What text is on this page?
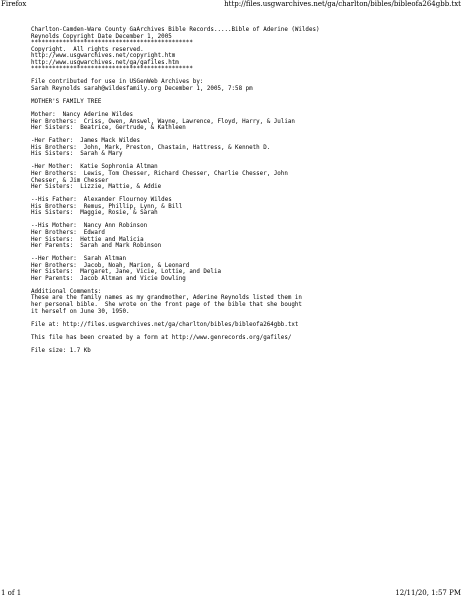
Firefox	http://files.usgwarchives.net/ga/charlton/bibles/bibleofa264gbb.txt
Charlton-Camden-Ware County GaArchives Bible Records.....Bible of Aderine (Wildes)
Reynolds Copyright Date December 1, 2005
**********************************************
Copyright.  All rights reserved.
http://www.usgwarchives.net/copyright.htm
http://www.usgwarchives.net/ga/gafiles.htm
**********************************************
File contributed for use in USGenWeb Archives by:
Sarah Reynolds sarah@wildesfamily.org December 1, 2005, 7:58 pm
MOTHER'S FAMILY TREE
Mother:  Nancy Aderine Wildes
Her Brothers:  Criss, Owen, Answel, Wayne, Lawrence, Floyd, Harry, & Julian
Her Sisters:  Beatrice, Gertrude, & Kathleen
-Her Father:  James Mack Wildes
His Brothers:  John, Mark, Preston, Chastain, Hattress, & Kenneth D.
His Sisters:  Sarah & Mary
-Her Mother:  Katie Sophronia Altman
Her Brothers:  Lewis, Tom Chesser, Richard Chesser, Charlie Chesser, John
Chesser, & Jim Chesser
Her Sisters:  Lizzie, Mattie, & Addie
--His Father:  Alexander Flournoy Wildes
His Brothers:  Remus, Phillip, Lynn, & Bill
His Sisters:  Maggie, Rosie, & Sarah
--His Mother:  Nancy Ann Robinson
Her Brothers:  Edward
Her Sisters:  Hettie and Malicia
Her Parents:  Sarah and Mark Robinson
--Her Mother:  Sarah Altman
Her Brothers:  Jacob, Noah, Marion, & Leonard
Her Sisters:  Margaret, Jane, Vicie, Lottie, and Delia
Her Parents:  Jacob Altman and Vicie Dowling
Additional Comments:
These are the family names as my grandmother, Aderine Reynolds listed them in
her personal bible.  She wrote on the front page of the bible that she bought
it herself on June 30, 1950.
File at: http://files.usgwarchives.net/ga/charlton/bibles/bibleofa264gbb.txt
This file has been created by a form at http://www.genrecords.org/gafiles/
File size: 1.7 Kb
1 of 1	12/11/20, 1:57 PM
